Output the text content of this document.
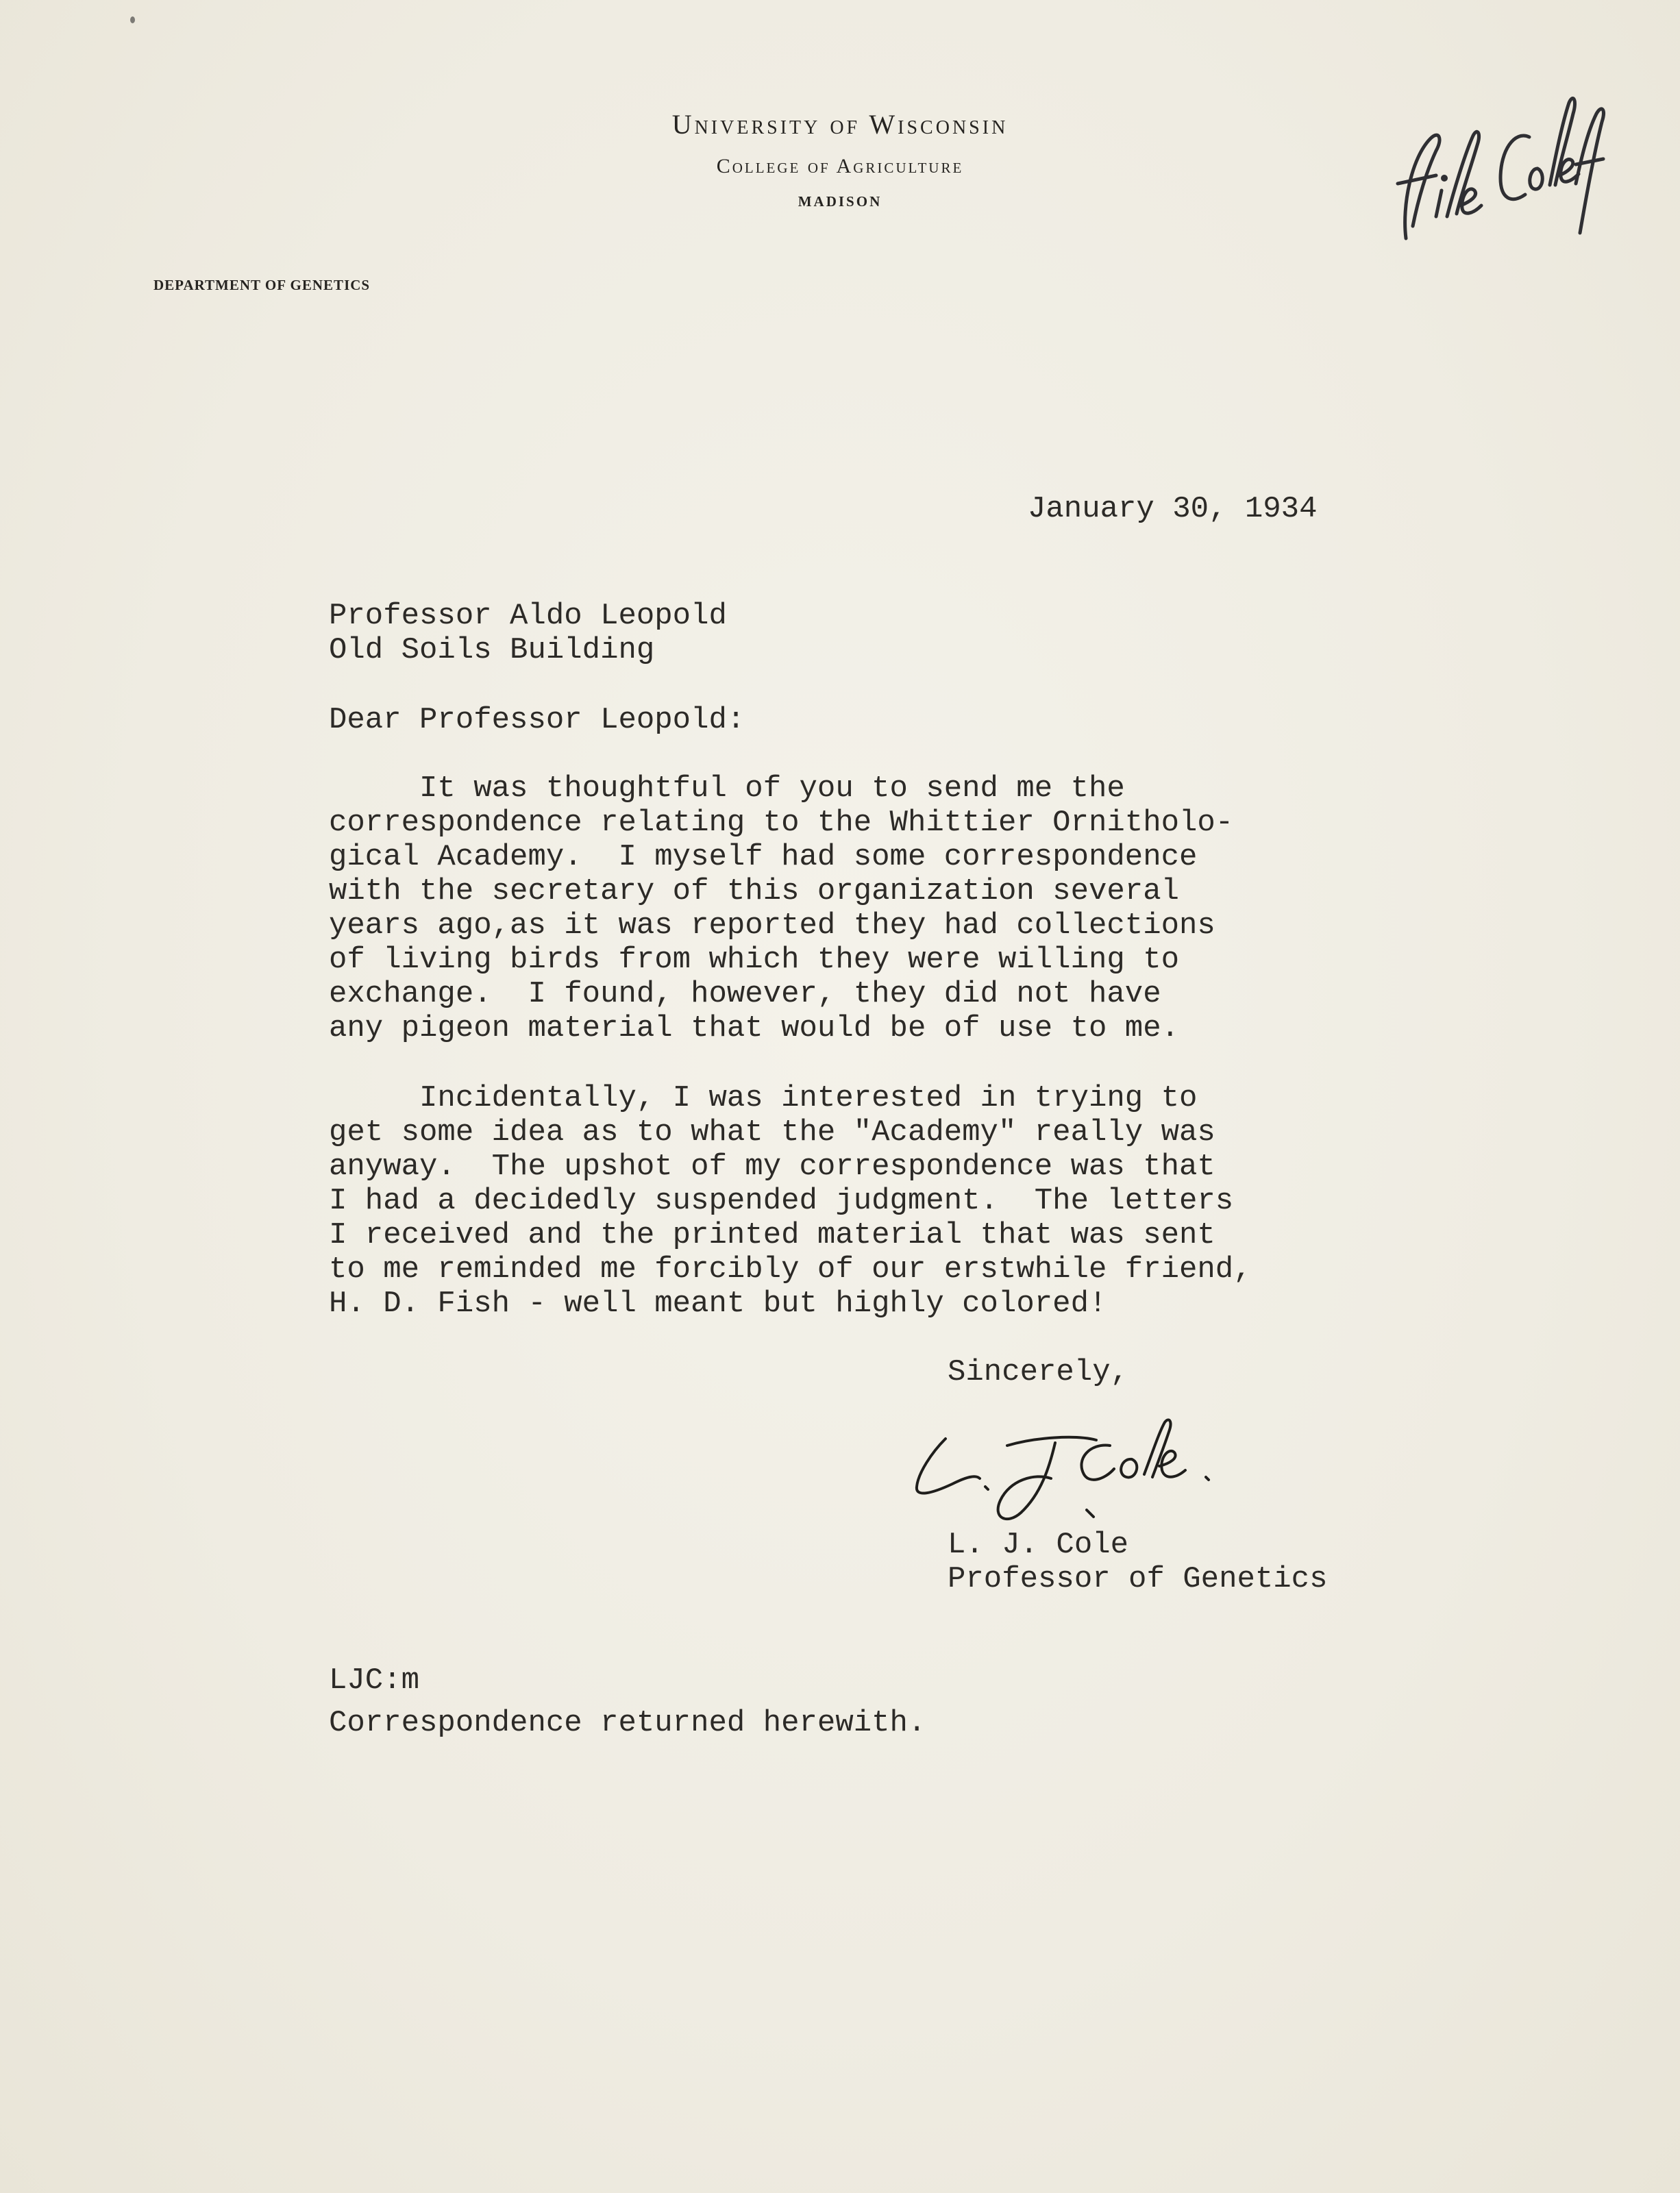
University of Wisconsin
College of Agriculture
MADISON
DEPARTMENT OF GENETICS
January 30, 1934
Professor Aldo Leopold
Old Soils Building
Dear Professor Leopold:
It was thoughtful of you to send me the
correspondence relating to the Whittier Ornitholo-
gical Academy.  I myself had some correspondence
with the secretary of this organization several
years ago,as it was reported they had collections
of living birds from which they were willing to
exchange.  I found, however, they did not have
any pigeon material that would be of use to me.
Incidentally, I was interested in trying to
get some idea as to what the "Academy" really was
anyway.  The upshot of my correspondence was that
I had a decidedly suspended judgment.  The letters
I received and the printed material that was sent
to me reminded me forcibly of our erstwhile friend,
H. D. Fish - well meant but highly colored!
Sincerely,
L. J. Cole
Professor of Genetics
LJC:m
Correspondence returned herewith.
